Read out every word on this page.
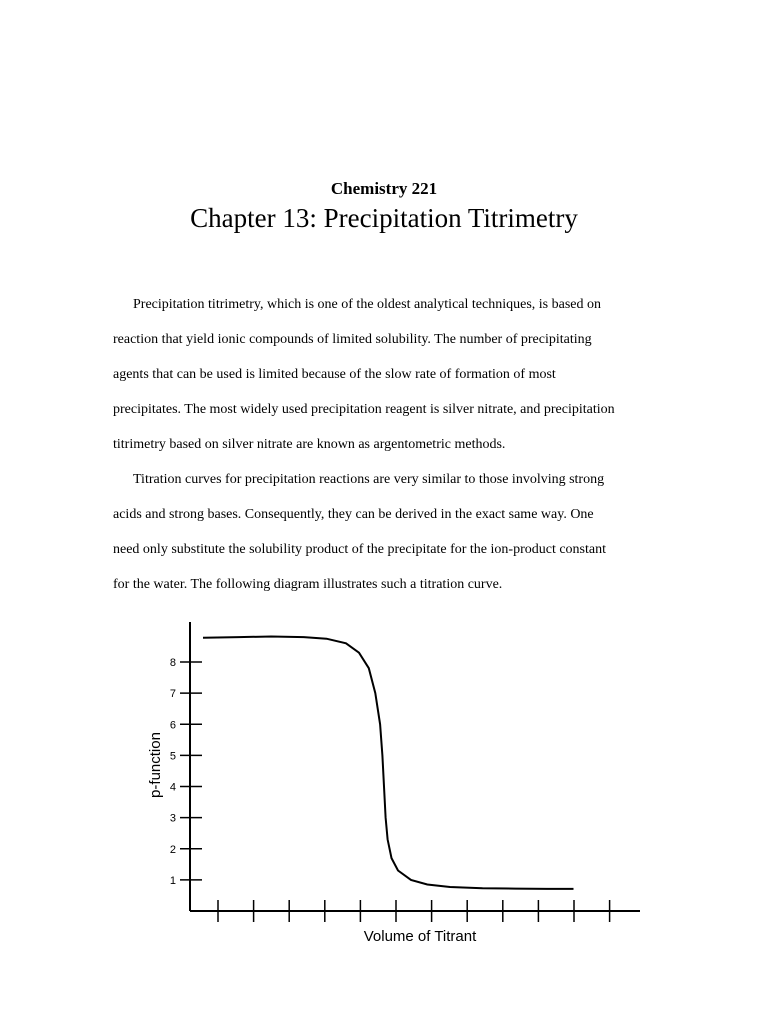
Chemistry 221
Chapter 13: Precipitation Titrimetry

Precipitation titrimetry, which is one of the oldest analytical techniques, is based on
reaction that yield ionic compounds of limited solubility. The number of precipitating
agents that can be used is limited because of the slow rate of formation of most
precipitates. The most widely used precipitation reagent is silver nitrate, and precipitation
titrimetry based on silver nitrate are known as argentometric methods.

Titration curves for precipitation reactions are very similar to those involving strong
acids and strong bases. Consequently, they can be derived in the exact same way. One
need only substitute the solubility product of the precipitate for the ion-product constant
for the water. The following diagram illustrates such a titration curve.

1
2
3
4
5
6
7
8
Volume of Titrant
p-function
